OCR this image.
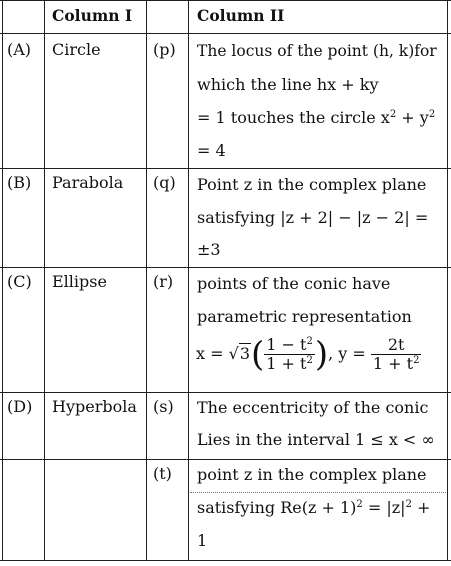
Column I	Column II
(A) Circle	(p) The locus of the point (h, k)for
which the line hx + ky
= 1 touches the circle $x^2 + y^2$
= 4
(B) Parabola (q) Point z in the complex plane
satisfying |z + 2| − |z − 2| =
±3
(C) Ellipse	(r) points of the conic have
parametric representation
$x = √3( \frac{1 - t^2}{1 + t^2}$ ), $y = \frac{2t}{1 + t^2}$
(D) Hyperbola (s) The eccentricity of the conic
Lies in the interval 1 ≤ x < ∞
(t) point z in the complex plane
satisfying $Re(z + 1)^2 = |z|^2$ +
1
